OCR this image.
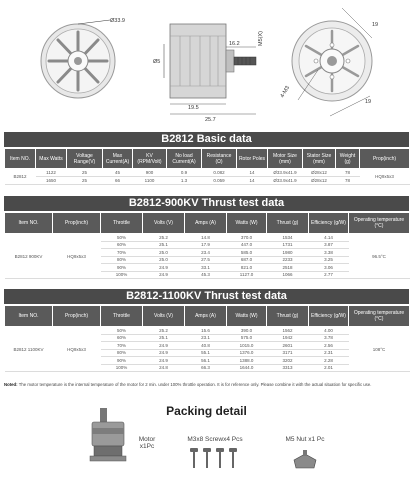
Ø33.9
Ø5
16.2	M5(X)
19.5
25.7
19
19
4-M3
B2812 Basic data
Item NO.	Max Watts	Voltage Range(V)	Max Current(A)	KV (RPM/Volt)	No load Current(A)	Resistance (Ω)	Rotor Poles	Motor Size (mm)	Stator Size (mm)	Weight (g)	Prop(inch)
B2812	1122	25	45	900	0.9	0.082	14	Ø33.9x41.9	Ø28x12	78	HQ9x5x3
	1650	25	66	1100	1.3	0.059	14	Ø33.9x41.9	Ø28x12	78	
B2812-900KV Thrust test data
Item NO.	Prop(inch)	Throttle	Volts (V)	Amps (A)	Watts (W)	Thrust (g)	Efficiency (g/W)	Operating temperature (°C)
B2812 900KV	HQ9x5x3	50%	25.2	14.8	370.0	1534	4.14	96.5°C
		60%	25.1	17.9	447.0	1731	3.87	
		70%	25.0	23.4	585.0	1980	3.38	
		80%	25.0	27.5	687.0	2233	3.25	
		90%	24.9	33.1	821.0	2518	3.06	
		100%	24.9	45.3	1127.0	1066	2.77	
B2812-1100KV Thrust test data
Item NO.	Prop(inch)	Throttle	Volts (V)	Amps (A)	Watts (W)	Thrust (g)	Efficiency (g/W)	Operating temperature (°C)
B2812 1100KV	HQ9x5x3	50%	25.2	15.6	390.0	1562	4.00	108°C
		60%	25.1	23.1	575.0	1942	3.78	
		70%	24.9	40.8	1015.0	2601	2.56	
		80%	24.9	55.1	1376.0	3171	2.31	
		90%	24.9	56.1	1388.0	3202	2.28	
		100%	24.8	66.3	1644.0	3313	2.01	
Noted: The motor temperature is the internal temperature of the motor for 2 min. under 100% throttle operation. It is for reference only. Please combine it with the actual situation for specific use.
Packing detail
Motor
x1Pc
M3x8 Screwx4 Pcs	M5 Nut x1 Pc
